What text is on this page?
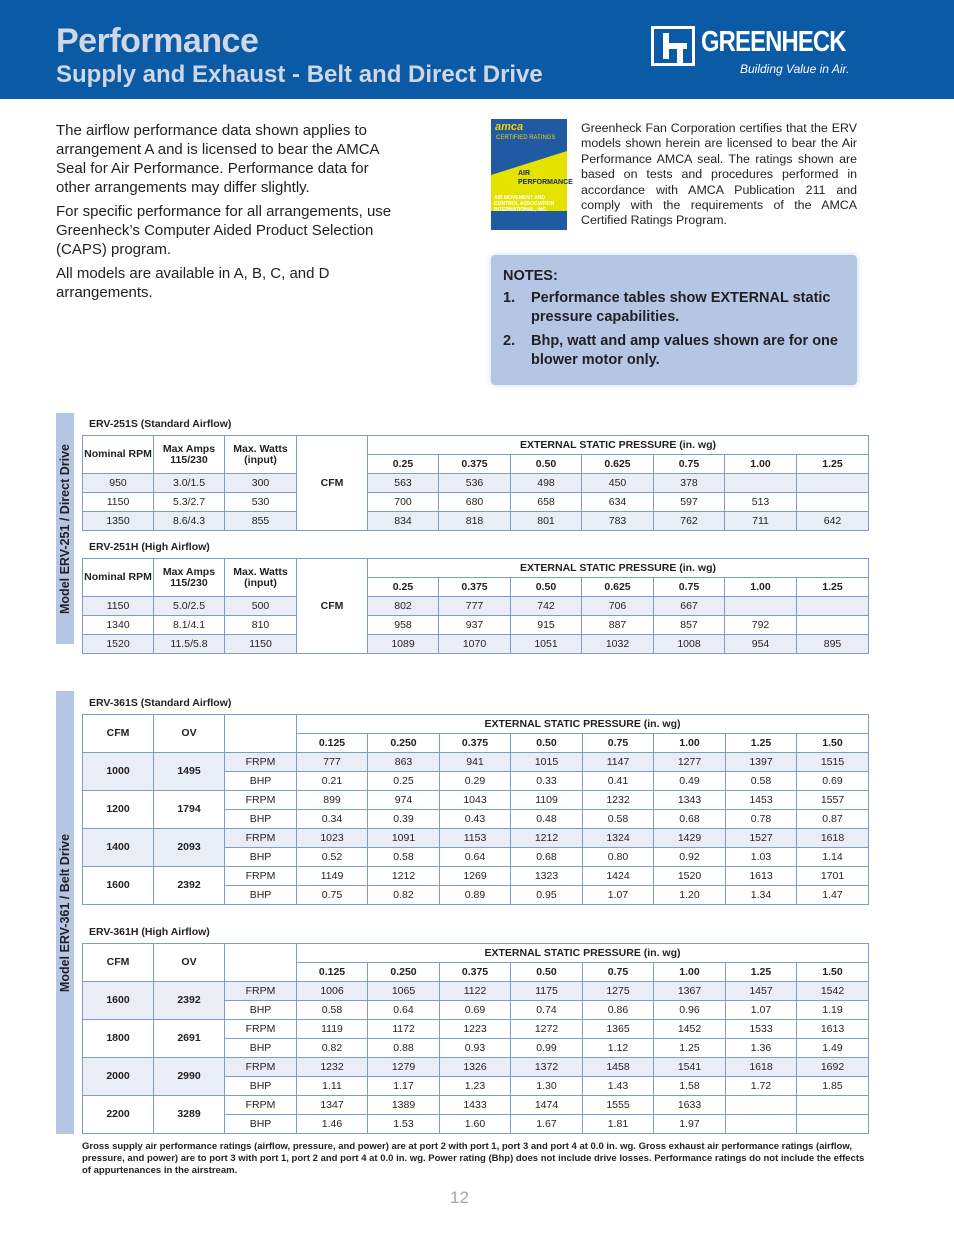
Performance
Supply and Exhaust - Belt and Direct Drive
GREENHECK
Building Value in Air.

The airflow performance data shown applies to arrangement A and is licensed to bear the AMCA Seal for Air Performance. Performance data for other arrangements may differ slightly.

For specific performance for all arrangements, use Greenheck’s Computer Aided Product Selection (CAPS) program.

All models are available in A, B, C, and D arrangements.

amca
CERTIFIED RATINGS
AIR PERFORMANCE
AIR MOVEMENT AND CONTROL ASSOCIATION INTERNATIONAL, INC.
Greenheck Fan Corporation certifies that the ERV models shown herein are licensed to bear the Air Performance AMCA seal. The ratings shown are based on tests and procedures performed in accordance with AMCA Publication 211 and comply with the requirements of the AMCA Certified Ratings Program.
NOTES:
1.	Performance tables show EXTERNAL static pressure capabilities.
2.	Bhp, watt and amp values shown are for one blower motor only.
Model ERV-251 / Direct Drive
Model ERV-361 / Belt Drive
ERV-251S (Standard Airflow)
Nominal RPM	Max Amps 115/230	Max. Watts (input)	CFM	EXTERNAL STATIC PRESSURE (in. wg)						
				0.25	0.375	0.50	0.625	0.75	1.00	1.25
950	3.0/1.5	300		563	536	498	450	378		
1150	5.3/2.7	530		700	680	658	634	597	513	
1350	8.6/4.3	855		834	818	801	783	762	711	642
ERV-251H (High Airflow)
Nominal RPM	Max Amps 115/230	Max. Watts (input)	CFM	EXTERNAL STATIC PRESSURE (in. wg)						
				0.25	0.375	0.50	0.625	0.75	1.00	1.25
1150	5.0/2.5	500		802	777	742	706	667		
1340	8.1/4.1	810		958	937	915	887	857	792	
1520	11.5/5.8	1150		1089	1070	1051	1032	1008	954	895
ERV-361S (Standard Airflow)
CFM	OV		EXTERNAL STATIC PRESSURE (in. wg)							
			0.125	0.250	0.375	0.50	0.75	1.00	1.25	1.50
1000	1495	FRPM	777	863	941	1015	1147	1277	1397	1515
		BHP	0.21	0.25	0.29	0.33	0.41	0.49	0.58	0.69
1200	1794	FRPM	899	974	1043	1109	1232	1343	1453	1557
		BHP	0.34	0.39	0.43	0.48	0.58	0.68	0.78	0.87
1400	2093	FRPM	1023	1091	1153	1212	1324	1429	1527	1618
		BHP	0.52	0.58	0.64	0.68	0.80	0.92	1.03	1.14
1600	2392	FRPM	1149	1212	1269	1323	1424	1520	1613	1701
		BHP	0.75	0.82	0.89	0.95	1.07	1.20	1.34	1.47
ERV-361H (High Airflow)
CFM	OV		EXTERNAL STATIC PRESSURE (in. wg)							
			0.125	0.250	0.375	0.50	0.75	1.00	1.25	1.50
1600	2392	FRPM	1006	1065	1122	1175	1275	1367	1457	1542
		BHP	0.58	0.64	0.69	0.74	0.86	0.96	1.07	1.19
1800	2691	FRPM	1119	1172	1223	1272	1365	1452	1533	1613
		BHP	0.82	0.88	0.93	0.99	1.12	1.25	1.36	1.49
2000	2990	FRPM	1232	1279	1326	1372	1458	1541	1618	1692
		BHP	1.11	1.17	1.23	1.30	1.43	1.58	1.72	1.85
2200	3289	FRPM	1347	1389	1433	1474	1555	1633		
		BHP	1.46	1.53	1.60	1.67	1.81	1.97		
Gross supply air performance ratings (airflow, pressure, and power) are at port 2 with port 1, port 3 and port 4 at 0.0 in. wg. Gross exhaust air performance ratings (airflow, pressure, and power) are to port 3 with port 1, port 2 and port 4 at 0.0 in. wg. Power rating (Bhp) does not include drive losses. Performance ratings do not include the effects of appurtenances in the airstream.
12
